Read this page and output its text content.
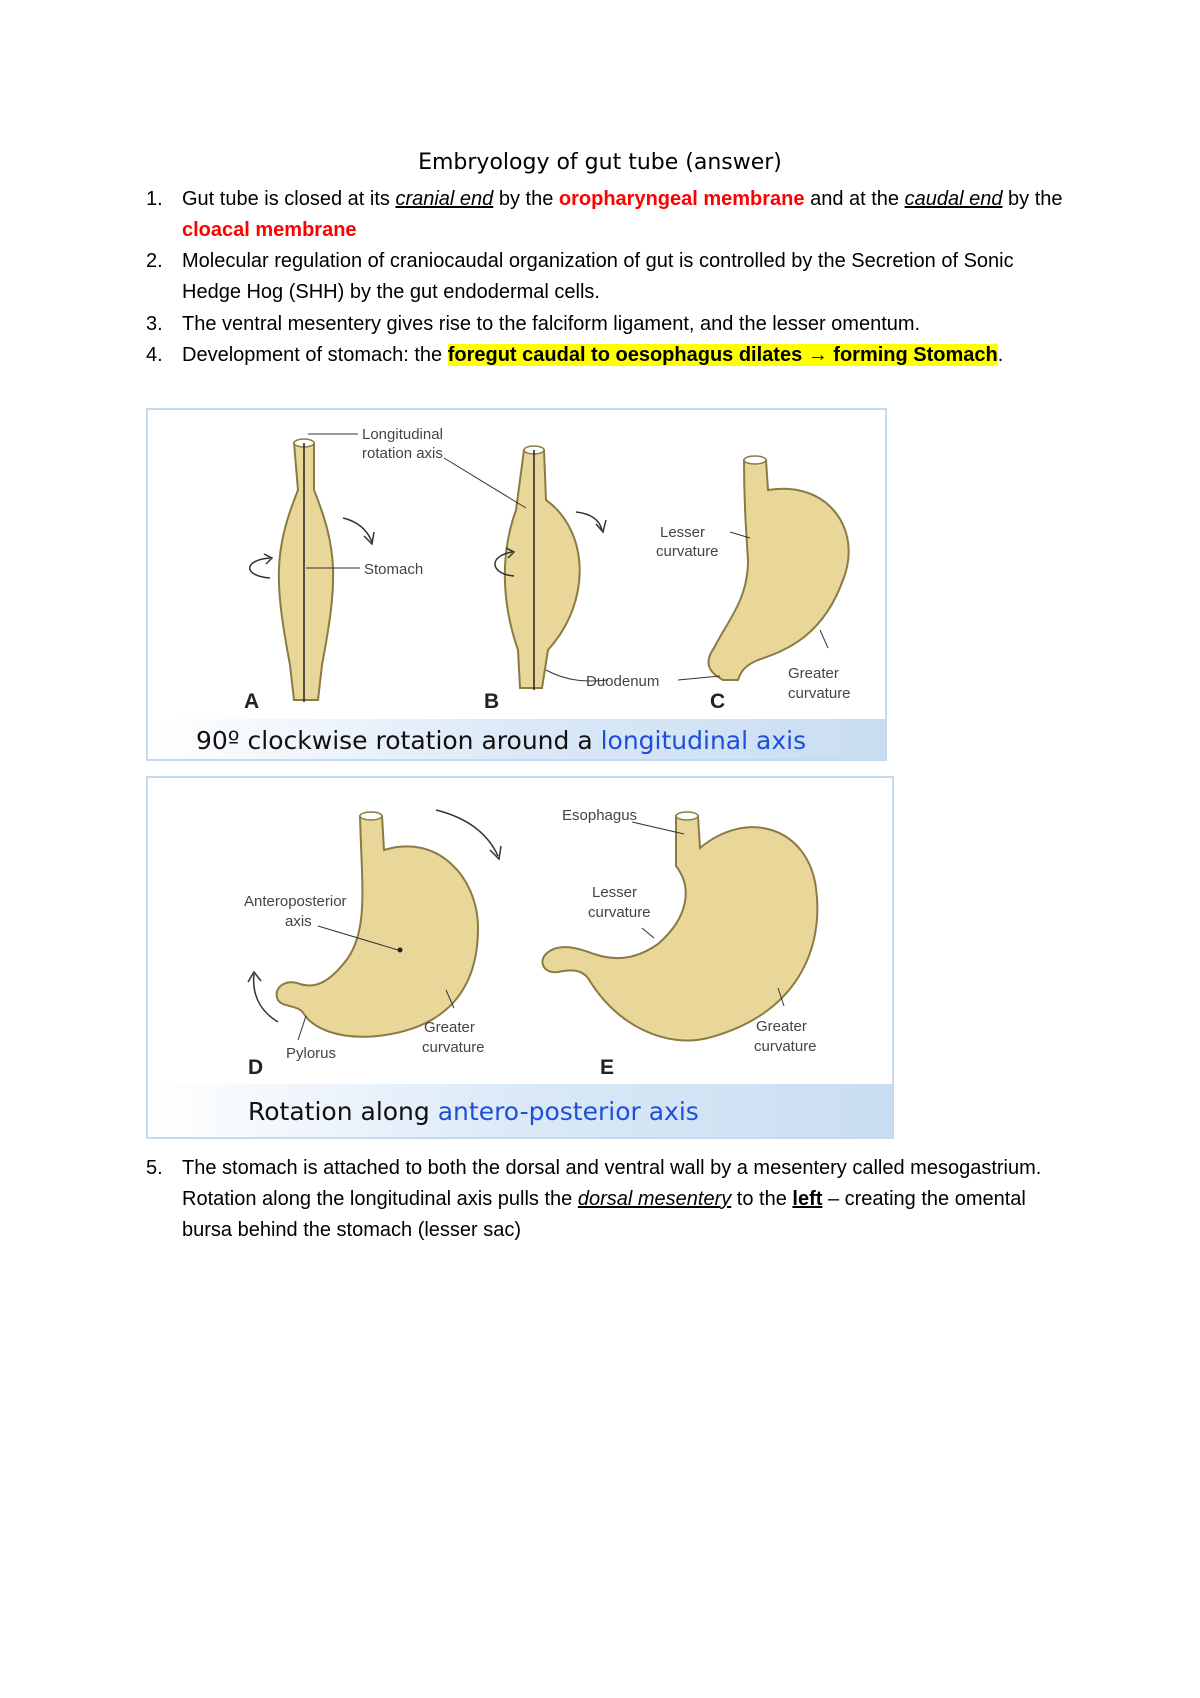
Embryology of gut tube (answer)
1. Gut tube is closed at its cranial end by the oropharyngeal membrane and at the caudal end by the cloacal membrane
2. Molecular regulation of craniocaudal organization of gut is controlled by the Secretion of Sonic Hedge Hog (SHH) by the gut endodermal cells.
3. The ventral mesentery gives rise to the falciform ligament, and the lesser omentum.
4. Development of stomach: the foregut caudal to oesophagus dilates → forming Stomach.
Longitudinal
rotation axis
Stomach
Lesser
curvature
Duodenum	Greater
curvature
A	B	C
90º clockwise rotation around a longitudinal axis
Anteroposterior
axis
Pylorus
Greater
curvature
Esophagus
Lesser
curvature
Greater
curvature
D	E
Rotation along antero-posterior axis
5. The stomach is attached to both the dorsal and ventral wall by a mesentery called mesogastrium. Rotation along the longitudinal axis pulls the dorsal mesentery to the left – creating the omental bursa behind the stomach (lesser sac)
